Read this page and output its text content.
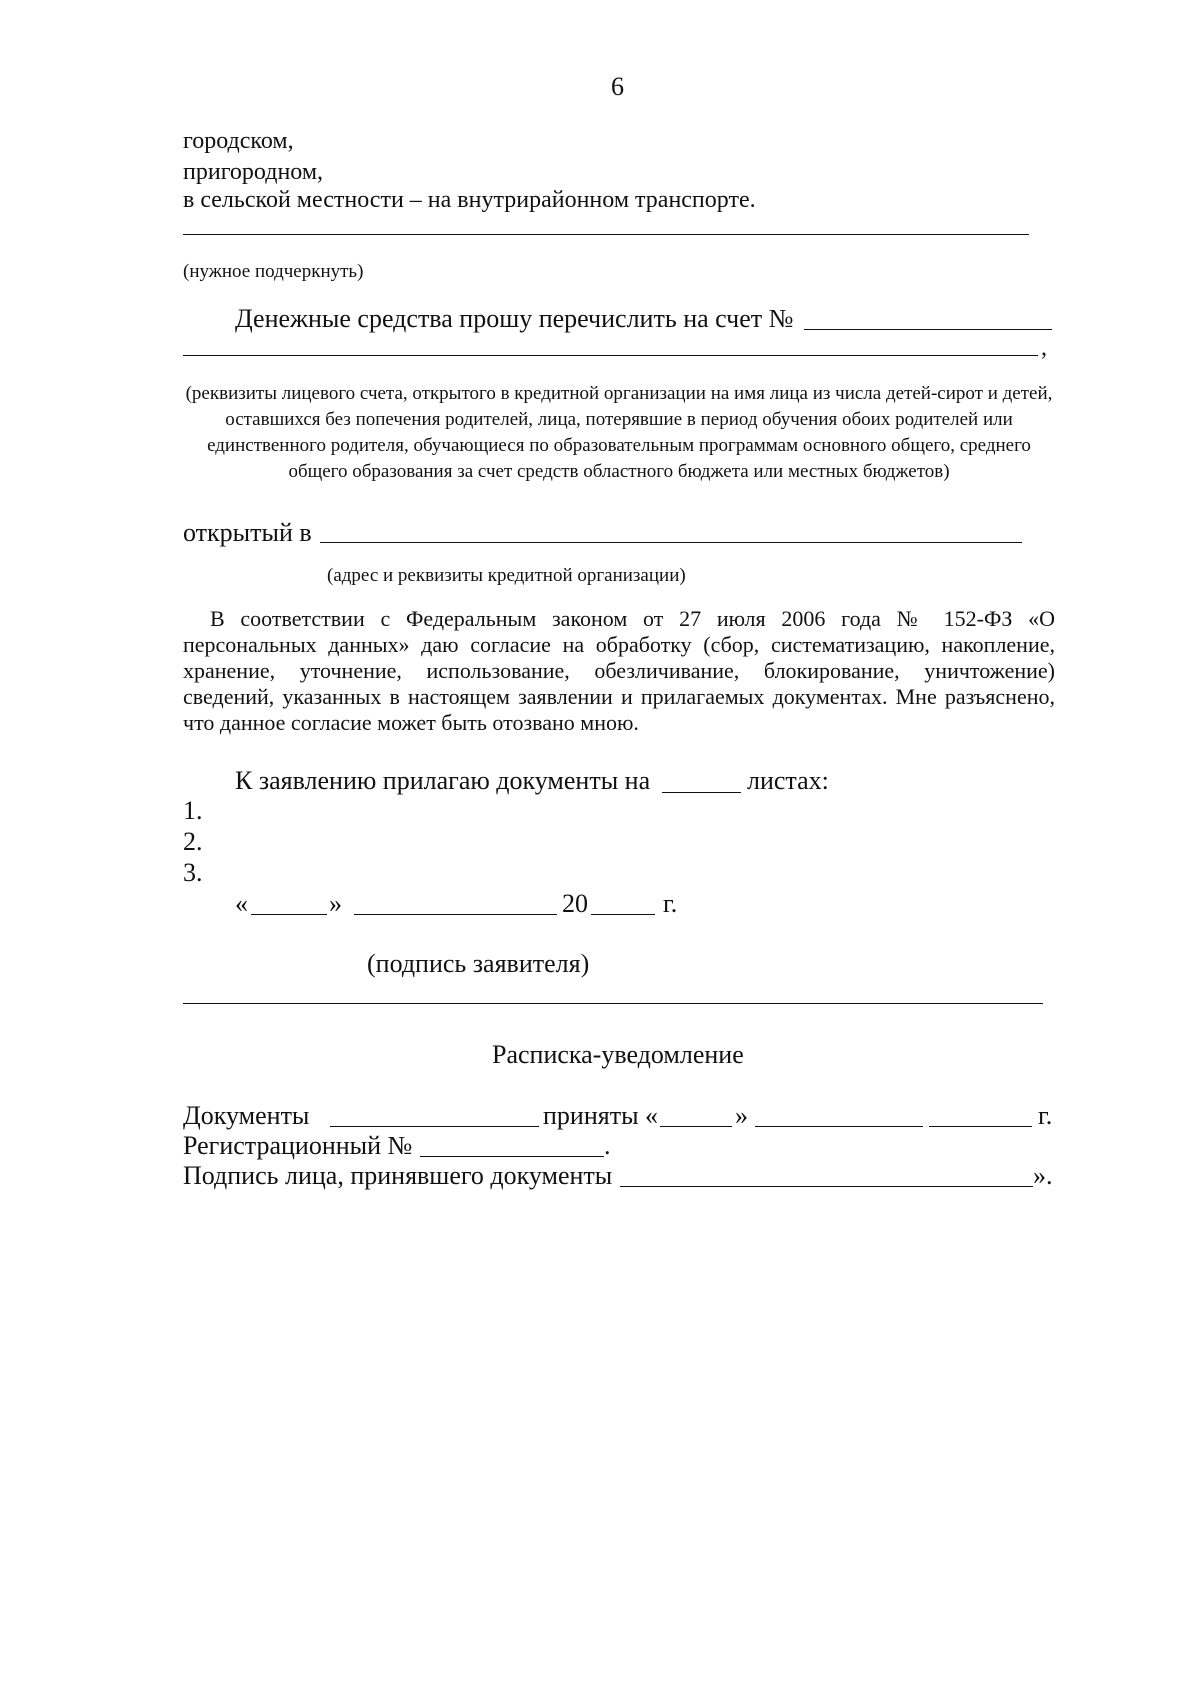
6
городском,
пригородном,
в сельской местности – на внутрирайонном транспорте.
(нужное подчеркнуть)
Денежные средства прошу перечислить на счет №
,
(реквизиты лицевого счета, открытого в кредитной организации на имя лица из числа детей-сирот и детей, оставшихся без попечения родителей, лица, потерявшие в период обучения обоих родителей или единственного родителя, обучающиеся по образовательным программам основного общего, среднего общего образования за счет средств областного бюджета или местных бюджетов)
открытый в
(адрес и реквизиты кредитной организации)
В соответствии с Федеральным законом от 27 июля 2006 года № 152-ФЗ «О персональных данных» даю согласие на обработку (сбор, систематизацию, накопление, хранение, уточнение, использование, обезличивание, блокирование, уничтожение) сведений, указанных в настоящем заявлении и прилагаемых документах. Мне разъяснено, что данное согласие может быть отозвано мною.
К заявлению прилагаю документы на	листах:
1.
2.
3.
«	»	20	г.
(подпись заявителя)
Расписка-уведомление
Документы	приняты «	»	г.
Регистрационный №	.
Подпись лица, принявшего документы	».
